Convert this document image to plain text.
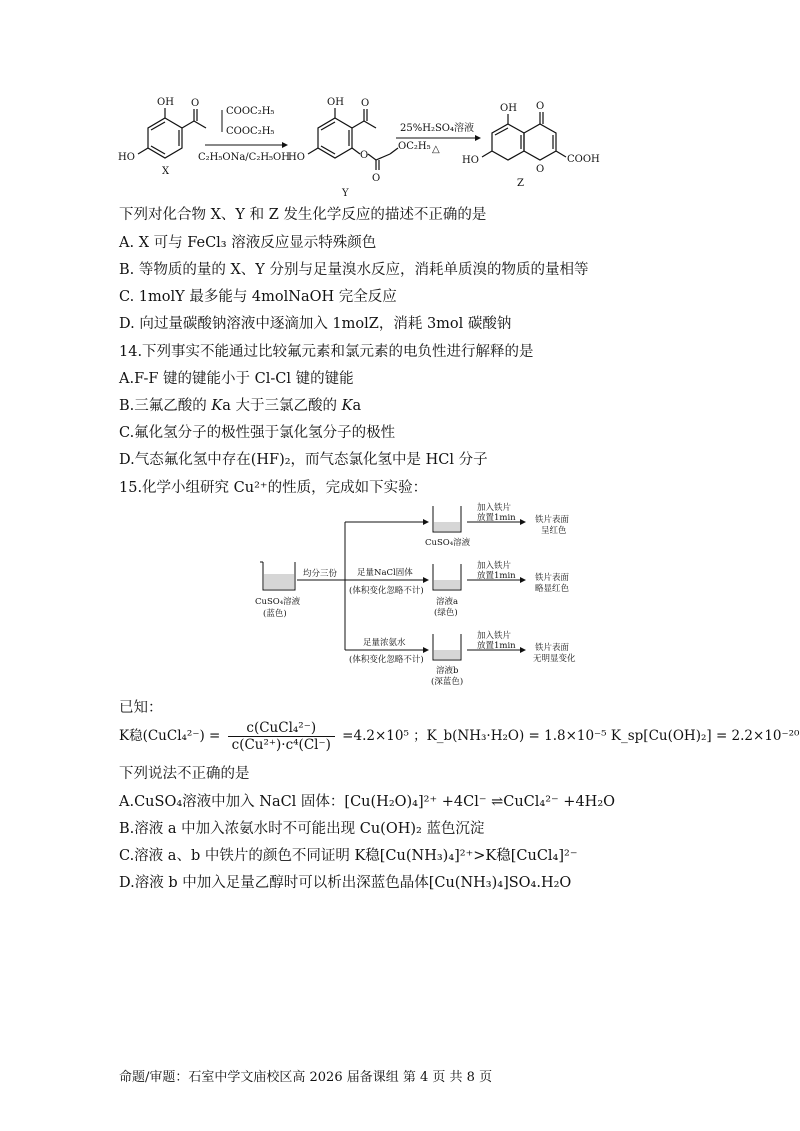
OH
HO
O
X
COOC₂H₅
COOC₂H₅
C₂H₅ONa/C₂H₅OH
OH
HO
O
O
O
OC₂H₅
Y
25%H₂SO₄溶液
△
OH O
HO
O
COOH
Z
下列对化合物 X、Y 和 Z 发生化学反应的描述不正确的是
A. X 可与 FeCl₃ 溶液反应显示特殊颜色
B. 等物质的量的 X、Y 分别与足量溴水反应，消耗单质溴的物质的量相等
C. 1molY 最多能与 4molNaOH 完全反应
D. 向过量碳酸钠溶液中逐滴加入 1molZ，消耗 3mol 碳酸钠
14.下列事实不能通过比较氟元素和氯元素的电负性进行解释的是
A.F-F 键的键能小于 Cl-Cl 键的键能
B.三氟乙酸的 Ka 大于三氯乙酸的 Ka
C.氟化氢分子的极性强于氯化氢分子的极性
D.气态氟化氢中存在(HF)₂，而气态氯化氢中是 HCl 分子
15.化学小组研究 Cu²⁺的性质，完成如下实验：
CuSO₄溶液
(蓝色)
均分三份
CuSO₄溶液
加入铁片
放置1min 铁片表面
呈红色
足量NaCl固体
(体积变化忽略不计)
溶液a
(绿色)
加入铁片
放置1min 铁片表面
略显红色
足量浓氨水
(体积变化忽略不计)
溶液b
(深蓝色)
加入铁片
放置1min 铁片表面
无明显变化
已知：
K稳(CuCl₄²⁻) = $\frac{\text{c(CuCl₄²⁻)}}{\text{c(Cu²⁺)·c⁴(Cl⁻)}} =4.2\times 10^5$ ；K_b(NH₃·H₂O) = 1.8×10⁻⁵ K_sp[Cu(OH)₂] = 2.2×10⁻²⁰
下列说法不正确的是
A.CuSO₄溶液中加入 NaCl 固体：[Cu(H₂O)₄]²⁺ +4Cl⁻ ⇌CuCl₄²⁻ +4H₂O
B.溶液 a 中加入浓氨水时不可能出现 Cu(OH)₂ 蓝色沉淀
C.溶液 a、b 中铁片的颜色不同证明 K稳[Cu(NH₃)₄]²⁺>K稳[CuCl₄]²⁻
D.溶液 b 中加入足量乙醇时可以析出深蓝色晶体[Cu(NH₃)₄]SO₄.H₂O
命题/审题：石室中学文庙校区高 2026 届备课组 第 4 页 共 8 页
